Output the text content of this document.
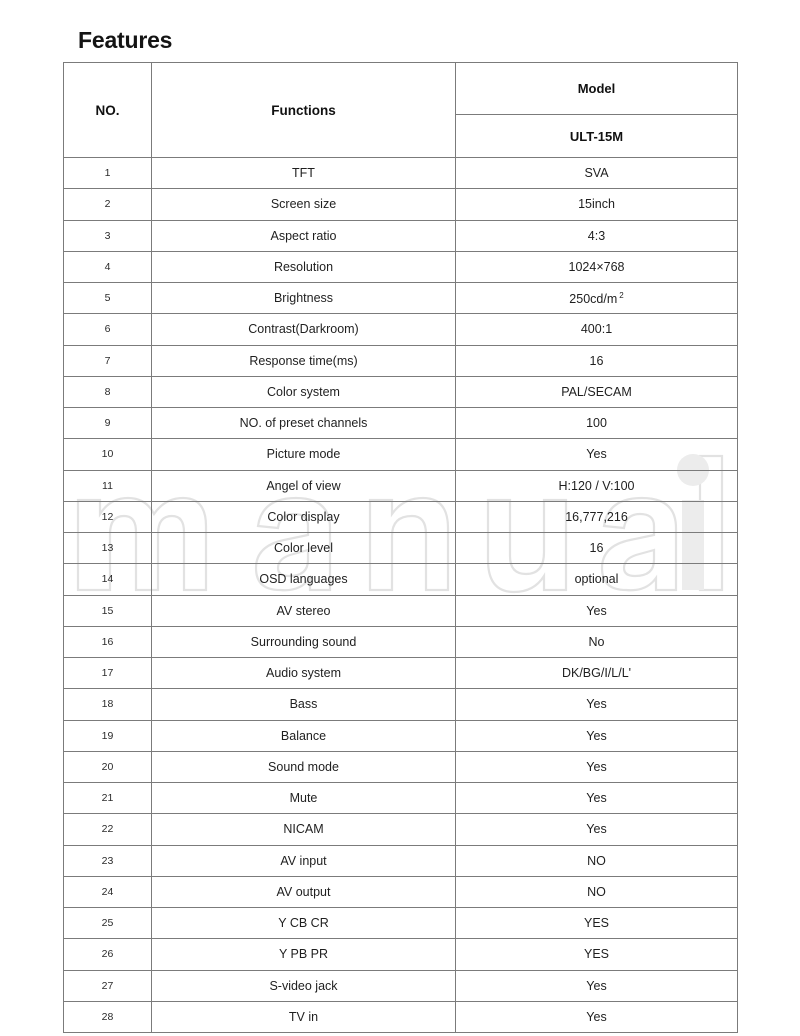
Features
NO.	Functions	Model
		ULT-15M
1	TFT	SVA
2	Screen size	15inch
3	Aspect ratio	4:3
4	Resolution	1024×768
5	Brightness	250cd/m $^2$
6	Contrast(Darkroom)	400:1
7	Response time(ms)	16
8	Color system	PAL/SECAM
9	NO. of preset channels	100
10	Picture mode	Yes
11	Angel of view	H:120 / V:100
12	Color display	16,777,216
13	Color level	16
14	OSD languages	optional
15	AV stereo	Yes
16	Surrounding sound	No
17	Audio system	DK/BG/I/L/L'
18	Bass	Yes
19	Balance	Yes
20	Sound mode	Yes
21	Mute	Yes
22	NICAM	Yes
23	AV input	NO
24	AV output	NO
25	Y CB CR	YES
26	Y PB PR	YES
27	S-video jack	Yes
28	TV in	Yes
